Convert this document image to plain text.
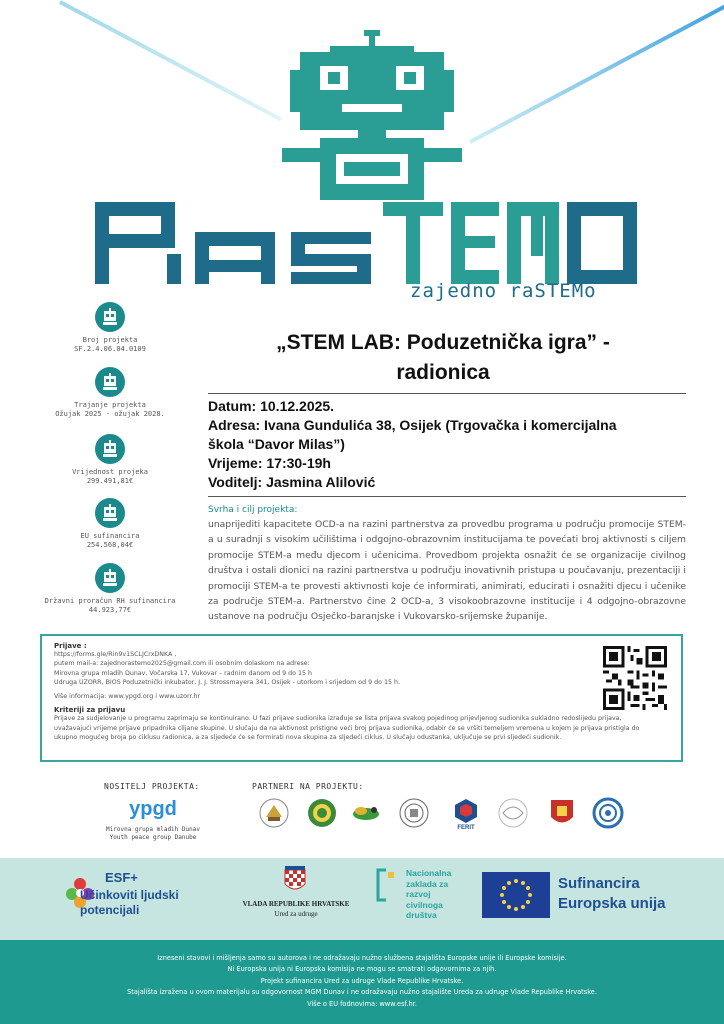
zajedno raSTEMo
Broj projekta
SF.2.4.06.04.0109
Trajanje projekta
Ožujak 2025 - ožujak 2028.
Vrijednost projeka
299.491,81€
EU sufinancira
254.568,04€
Državni proračun RH sufinancira
44.923,77€
„STEM LAB: Poduzetnička igra” -
radionica

Datum: 10.12.2025.

Adresa: Ivana Gundulića 38, Osijek (Trgovačka i komercijalna

škola “Davor Milas”)

Vrijeme: 17:30-19h

Voditelj: Jasmina Alilović

Svrha i cilj projekta:
unaprijediti kapacitete OCD-a na razini partnerstva za provedbu programa u području promocije STEM-a u suradnji s visokim učilištima i odgojno-obrazovnim institucijama te povećati broj aktivnosti s ciljem promocije STEM-a među djecom i učenicima. Provedbom projekta osnažit će se organizacije civilnog društva i ostali dionici na razini partnerstva u području inovativnih pristupa u poučavanju, prezentaciji i promociji STEM-a te provesti aktivnosti koje će informirati, animirati, educirati i osnažiti djecu i učenike za područje STEM-a. Partnerstvo čine 2 OCD-a, 3 visokoobrazovne institucije i 4 odgojno-obrazovne ustanove na području Osječko-baranjske i Vukovarsko-srijemske županije.
Prijave :
https://forms.gle/Rin9v1SCLJCrxDNKA ,
putem mail-a: zajednorastemo2025@gmail.com ili osobnim dolaskom na adrese:
Mirovna grupa mladih Dunav, Vočarska 17, Vukovar – radnim danom od 9 do 15 h
Udruga UZORR, BIOS Poduzetnički inkubator, J. J. Strossmayera 341, Osijek - utorkom i srijedom od 9 do 15 h.
Više informacija: www.ypgd.org i www.uzorr.hr
Kriteriji za prijavu
Prijave za sudjelovanje u programu zaprimaju se kontinuirano. U fazi prijave sudionika izrađuje se lista prijava svakog pojedinog prijevljenog sudionika sukladno redoslijedu prijava,
uvažavajući vrijeme prijave pripadnika ciljane skupine. U slučaju da na aktivnost pristigne veći broj prijava sudionika, odabir će se vršiti temeljem vremena u kojem je prijava pristigla do
ukupno mogućeg broja po ciklusu radionica, a za sljedeće će se formirati nova skupina za sljedeći ciklus. U slučaju odustanka, uključuje se prvi sljedeći sudionik.
NOSITELJ PROJEKTA:	PARTNERI NA PROJEKTU:
ypgd
Mirovna grupa mladih Dunav
Youth peace group Danube
FERIT
ESF+
Učinkoviti ljudski
potencijali	VLADA REPUBLIKE HRVATSKE
Ured za udruge
Nacionalna
zaklada za
razvoj
civilnoga
društva
Sufinancira
Europska unija

Izneseni stavovi i mišljenja samo su autorova i ne odražavaju nužno službena stajališta Europske unije ili Europske komisije.

Ni Europska unija ni Europska komisija ne mogu se smatrati odgovornima za njih.

Projekt sufinancira Ured za udruge Vlade Republike Hrvatske.

Stajališta izražena u ovom materijalu su odgovornost MGM Dunav i ne odražavaju nužno stajalište Ureda za udruge Vlade Republike Hrvatske.

Više o EU fodnovima: www.esf.hr.
